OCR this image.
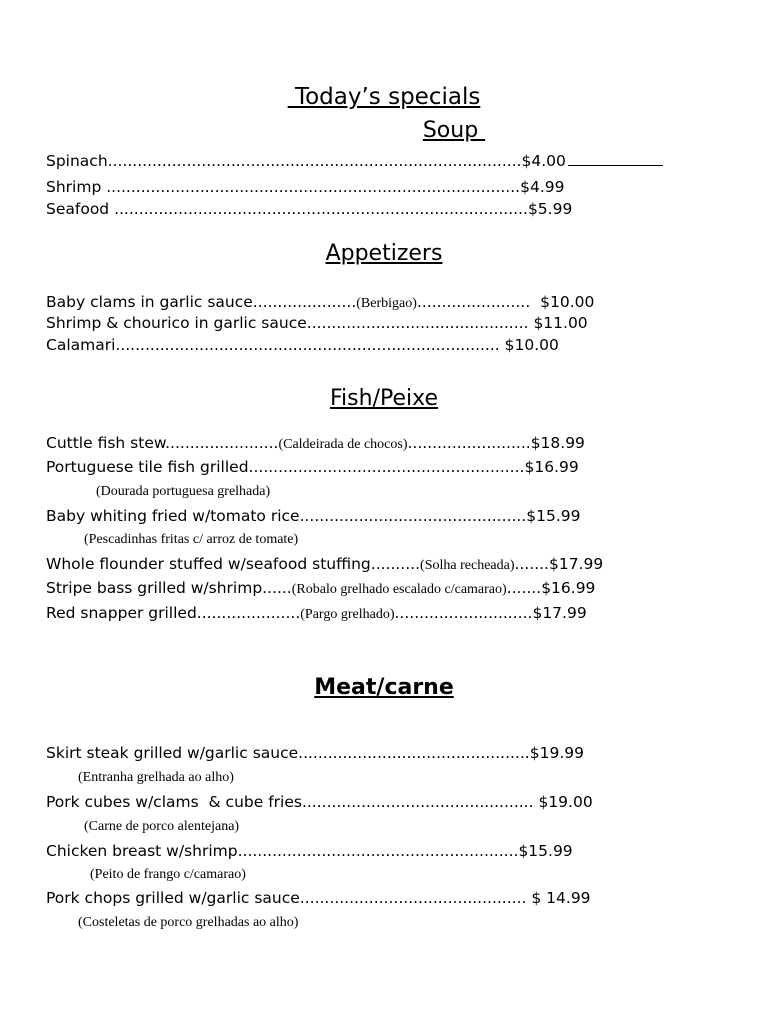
Today’s specials
Soup
Spinach....................................................................................$4.00
Shrimp ....................................................................................$4.99
Seafood ....................................................................................$5.99
Appetizers
Baby clams in garlic sauce.....................(Berbigao).......................  $10.00
Shrimp & chourico in garlic sauce............................................. $11.00
Calamari.............................................................................. $10.00
Fish/Peixe
Cuttle fish stew.......................(Caldeirada de chocos).........................$18.99
Portuguese tile fish grilled........................................................$16.99
(Dourada portuguesa grelhada)
Baby whiting fried w/tomato rice..............................................$15.99
(Pescadinhas fritas c/ arroz de tomate)
Whole flounder stuffed w/seafood stuffing..........(Solha recheada).......$17.99
Stripe bass grilled w/shrimp......(Robalo grelhado escalado c/camarao).......$16.99
Red snapper grilled.....................(Pargo grelhado)............................$17.99
Meat/carne
Skirt steak grilled w/garlic sauce...............................................$19.99
(Entranha grelhada ao alho)
Pork cubes w/clams  & cube fries............................................... $19.00
(Carne de porco alentejana)
Chicken breast w/shrimp.........................................................$15.99
(Peito de frango c/camarao)
Pork chops grilled w/garlic sauce.............................................. $ 14.99
(Costeletas de porco grelhadas ao alho)
